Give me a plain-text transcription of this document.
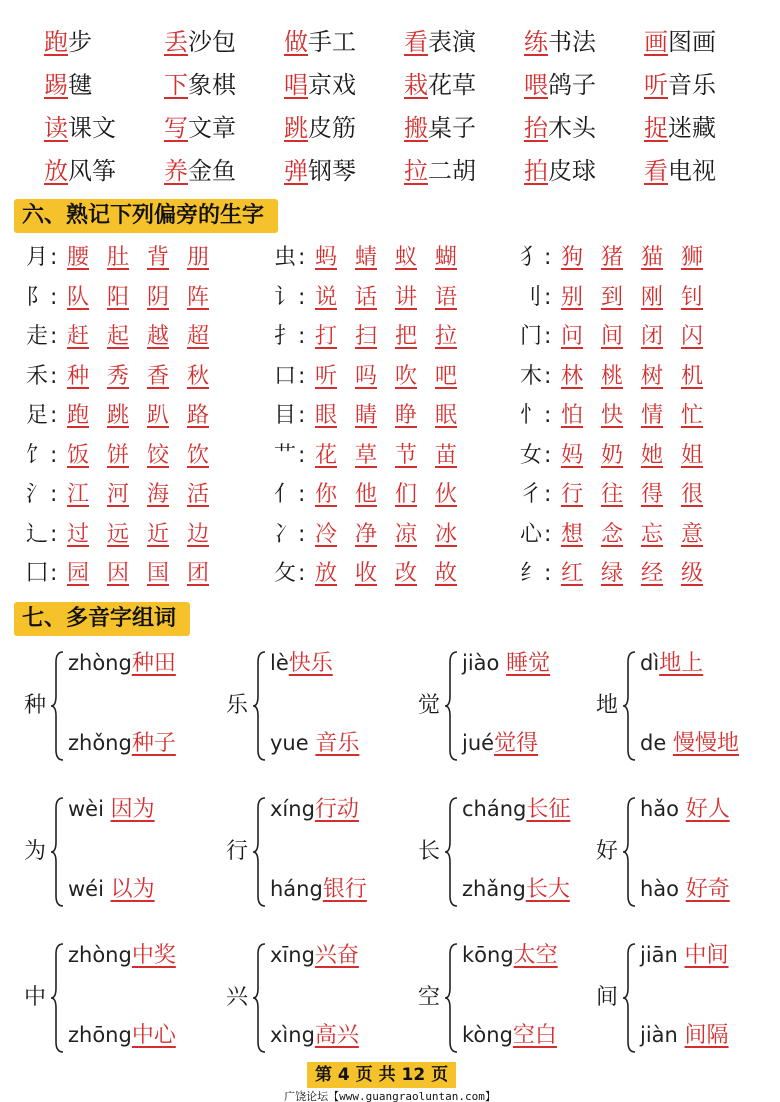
跑步	丢沙包 做手工 看表演 练书法 画图画
踢毽	下象棋 唱京戏 栽花草 喂鸽子 听音乐
读课文 写文章 跳皮筋 搬桌子 抬木头 捉迷藏
放风筝 养金鱼 弹钢琴 拉二胡 拍皮球 看电视
六、熟记下列偏旁的生字
月: 腰 肚 背 朋	虫: 蚂 蜻 蚁 蝴	犭: 狗 猪 猫 狮
阝: 队 阳 阴 阵	讠: 说 话 讲 语	刂: 别 到 刚 钊
走: 赶 起 越 超	扌: 打 扫 把 拉	门: 问 间 闭 闪
禾: 种 秀 香 秋	口: 听 吗 吹 吧	木: 林 桃 树 机
足: 跑 跳 趴 路	目: 眼 睛 睁 眠	忄: 怕 快 情 忙
饣: 饭 饼 饺 饮	艹: 花 草 节 苗	女: 妈 奶 她 姐
氵: 江 河 海 活	亻: 你 他 们 伙	彳: 行 往 得 很
辶: 过 远 近 边	冫: 冷 净 凉 冰	心: 想 念 忘 意
囗: 园 因 国 团	攵: 放 收 改 故	纟: 红 绿 经 级
七、多音字组词
种
zhòng种田
zhǒng种子
乐
lè快乐
yue 音乐
觉
jiào 睡觉
jué觉得
地
dì地上
de 慢慢地
为
wèi 因为
wéi 以为
行
xíng行动
háng银行
长
cháng长征
zhǎng长大
好
hǎo 好人
hào 好奇
中
zhòng中奖
zhōng中心
兴
xīng兴奋
xìng高兴
空
kōng太空
kòng空白
间
jiān 中间
jiàn 间隔
第 4 页 共 12 页
广饶论坛【www.guangraoluntan.com】
